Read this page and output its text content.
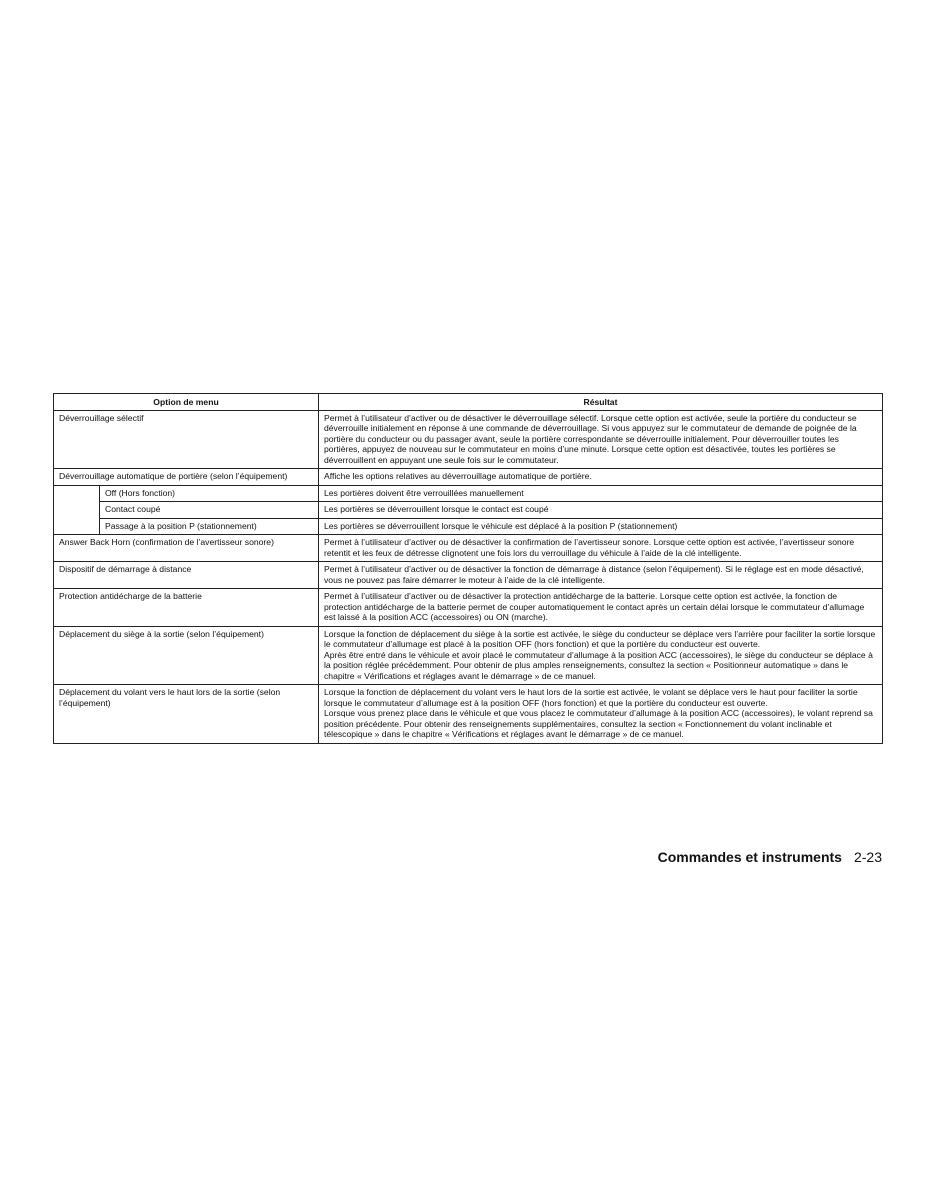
Option de menu		Résultat
Déverrouillage sélectif		Permet à l’utilisateur d’activer ou de désactiver le déverrouillage sélectif. Lorsque cette option est activée, seule la portière du conducteur se déverrouille initialement en réponse à une commande de déverrouillage. Si vous appuyez sur le commutateur de demande de poignée de la portière du conducteur ou du passager avant, seule la portière correspondante se déverrouille initialement. Pour déverrouiller toutes les portières, appuyez de nouveau sur le commutateur en moins d’une minute. Lorsque cette option est désactivée, toutes les portières se déverrouillent en appuyant une seule fois sur le commutateur.
Déverrouillage automatique de portière (selon l’équipement)		Affiche les options relatives au déverrouillage automatique de portière.
	Off (Hors fonction)	Les portières doivent être verrouillées manuellement
	Contact coupé	Les portières se déverrouillent lorsque le contact est coupé
	Passage à la position P (stationnement)	Les portières se déverrouillent lorsque le véhicule est déplacé à la position P (stationnement)
Answer Back Horn (confirmation de l’avertisseur sonore)		Permet à l’utilisateur d’activer ou de désactiver la confirmation de l’avertisseur sonore. Lorsque cette option est activée, l’avertisseur sonore retentit et les feux de détresse clignotent une fois lors du verrouillage du véhicule à l’aide de la clé intelligente.
Dispositif de démarrage à distance		Permet à l’utilisateur d’activer ou de désactiver la fonction de démarrage à distance (selon l’équipement). Si le réglage est en mode désactivé, vous ne pouvez pas faire démarrer le moteur à l’aide de la clé intelligente.
Protection antidécharge de la batterie		Permet à l’utilisateur d’activer ou de désactiver la protection antidécharge de la batterie. Lorsque cette option est activée, la fonction de protection antidécharge de la batterie permet de couper automatiquement le contact après un certain délai lorsque le commutateur d’allumage est laissé à la position ACC (accessoires) ou ON (marche).
Déplacement du siège à la sortie (selon l’équipement)		Lorsque la fonction de déplacement du siège à la sortie est activée, le siège du conducteur se déplace vers l’arrière pour faciliter la sortie lorsque le commutateur d’allumage est placé à la position OFF (hors fonction) et que la portière du conducteur est ouverte.
Après être entré dans le véhicule et avoir placé le commutateur d’allumage à la position ACC (accessoires), le siège du conducteur se déplace à la position réglée précédemment. Pour obtenir de plus amples renseignements, consultez la section « Positionneur automatique » dans le chapitre « Vérifications et réglages avant le démarrage » de ce manuel.
Déplacement du volant vers le haut lors de la sortie (selon l’équipement)		Lorsque la fonction de déplacement du volant vers le haut lors de la sortie est activée, le volant se déplace vers le haut pour faciliter la sortie lorsque le commutateur d’allumage est à la position OFF (hors fonction) et que la portière du conducteur est ouverte.
Lorsque vous prenez place dans le véhicule et que vous placez le commutateur d’allumage à la position ACC (accessoires), le volant reprend sa position précédente. Pour obtenir des renseignements supplémentaires, consultez la section « Fonctionnement du volant inclinable et télescopique » dans le chapitre « Vérifications et réglages avant le démarrage » de ce manuel.
Commandes et instruments 2-23
